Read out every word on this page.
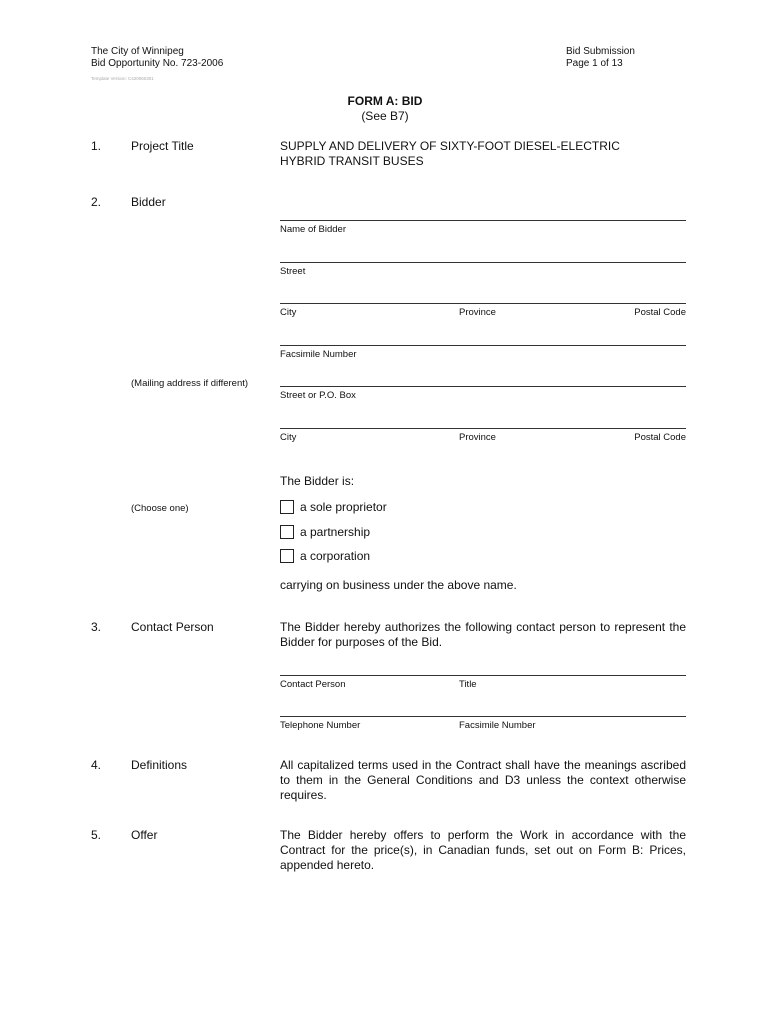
The City of Winnipeg
Bid Opportunity No. 723-2006
Template Version: C420060301
Bid Submission
Page 1 of 13
FORM A: BID
(See B7)
1. Project Title	SUPPLY AND DELIVERY OF SIXTY-FOOT DIESEL-ELECTRIC
HYBRID TRANSIT BUSES
2. Bidder
Name of Bidder
Street
City	Province	Postal Code
Facsimile Number
(Mailing address if different)
Street or P.O. Box
City	Province	Postal Code
The Bidder is:
(Choose one)	a sole proprietor
a partnership
a corporation
carrying on business under the above name.
3. Contact Person	The Bidder hereby authorizes the following contact person to represent the Bidder for purposes of the Bid.
Contact Person	Title
Telephone Number	Facsimile Number
4. Definitions	All capitalized terms used in the Contract shall have the meanings ascribed to them in the General Conditions and D3 unless the context otherwise requires.
5. Offer	The Bidder hereby offers to perform the Work in accordance with the Contract for the price(s), in Canadian funds, set out on Form B: Prices, appended hereto.
